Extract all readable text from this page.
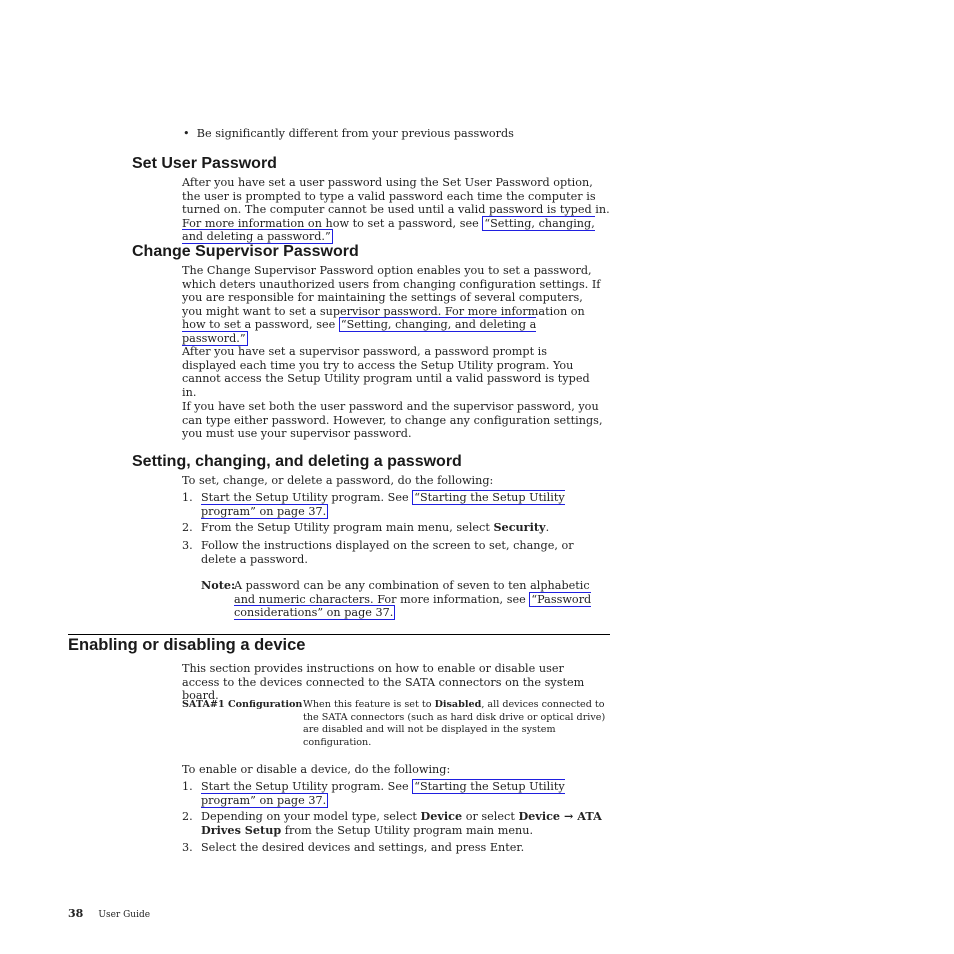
• Be significantly different from your previous passwords
Set User Password
After you have set a user password using the Set User Password option, the user is prompted to type a valid password each time the computer is turned on. The computer cannot be used until a valid password is typed in. For more information on how to set a password, see “Setting, changing, and deleting a password.”
Change Supervisor Password
The Change Supervisor Password option enables you to set a password, which deters unauthorized users from changing configuration settings. If you are responsible for maintaining the settings of several computers, you might want to set a supervisor password. For more information on how to set a password, see “Setting, changing, and deleting a password.”
After you have set a supervisor password, a password prompt is displayed each time you try to access the Setup Utility program. You cannot access the Setup Utility program until a valid password is typed in.
If you have set both the user password and the supervisor password, you can type either password. However, to change any configuration settings, you must use your supervisor password.
Setting, changing, and deleting a password
To set, change, or delete a password, do the following:
1. Start the Setup Utility program. See “Starting the Setup Utility program” on page 37.
2. From the Setup Utility program main menu, select Security.
3. Follow the instructions displayed on the screen to set, change, or delete a password.
Note:
A password can be any combination of seven to ten alphabetic and numeric characters. For more information, see “Password considerations” on page 37.
Enabling or disabling a device
This section provides instructions on how to enable or disable user access to the devices connected to the SATA connectors on the system board.
SATA#1 Configuration When this feature is set to Disabled, all devices connected to the SATA connectors (such as hard disk drive or optical drive) are disabled and will not be displayed in the system configuration.
To enable or disable a device, do the following:
1. Start the Setup Utility program. See “Starting the Setup Utility program” on page 37.
2. Depending on your model type, select Device or select Device → ATA Drives Setup from the Setup Utility program main menu.
3. Select the desired devices and settings, and press Enter.
38 User Guide
